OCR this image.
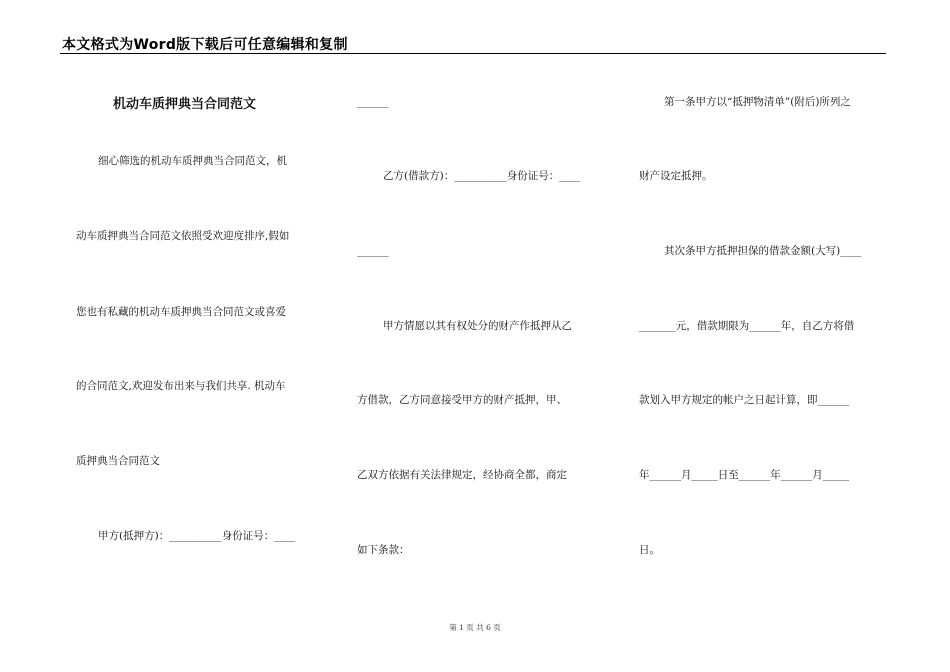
本文格式为Word版下载后可任意编辑和复制
机动车质押典当合同范文
细心筛选的机动车质押典当合同范文，机
动车质押典当合同范文依照受欢迎度排序,假如
您也有私藏的机动车质押典当合同范文或喜爱
的合同范文,欢迎发布出来与我们共享. 机动车
质押典当合同范文
甲方(抵押方)：__________身份证号：____
______
乙方(借款方)：__________身份证号：____
______
甲方情愿以其有权处分的财产作抵押从乙
方借款，乙方同意接受甲方的财产抵押，甲、
乙双方依据有关法律规定，经协商全都，商定
如下条款：
第一条甲方以“抵押物清单”(附后)所列之
财产设定抵押。
其次条甲方抵押担保的借款金额(大写)____
_______元，借款期限为______年，自乙方将借
款划入甲方规定的帐户之日起计算，即______
年______月_____日至______年______月_____
日。
第 1 页 共 6 页
